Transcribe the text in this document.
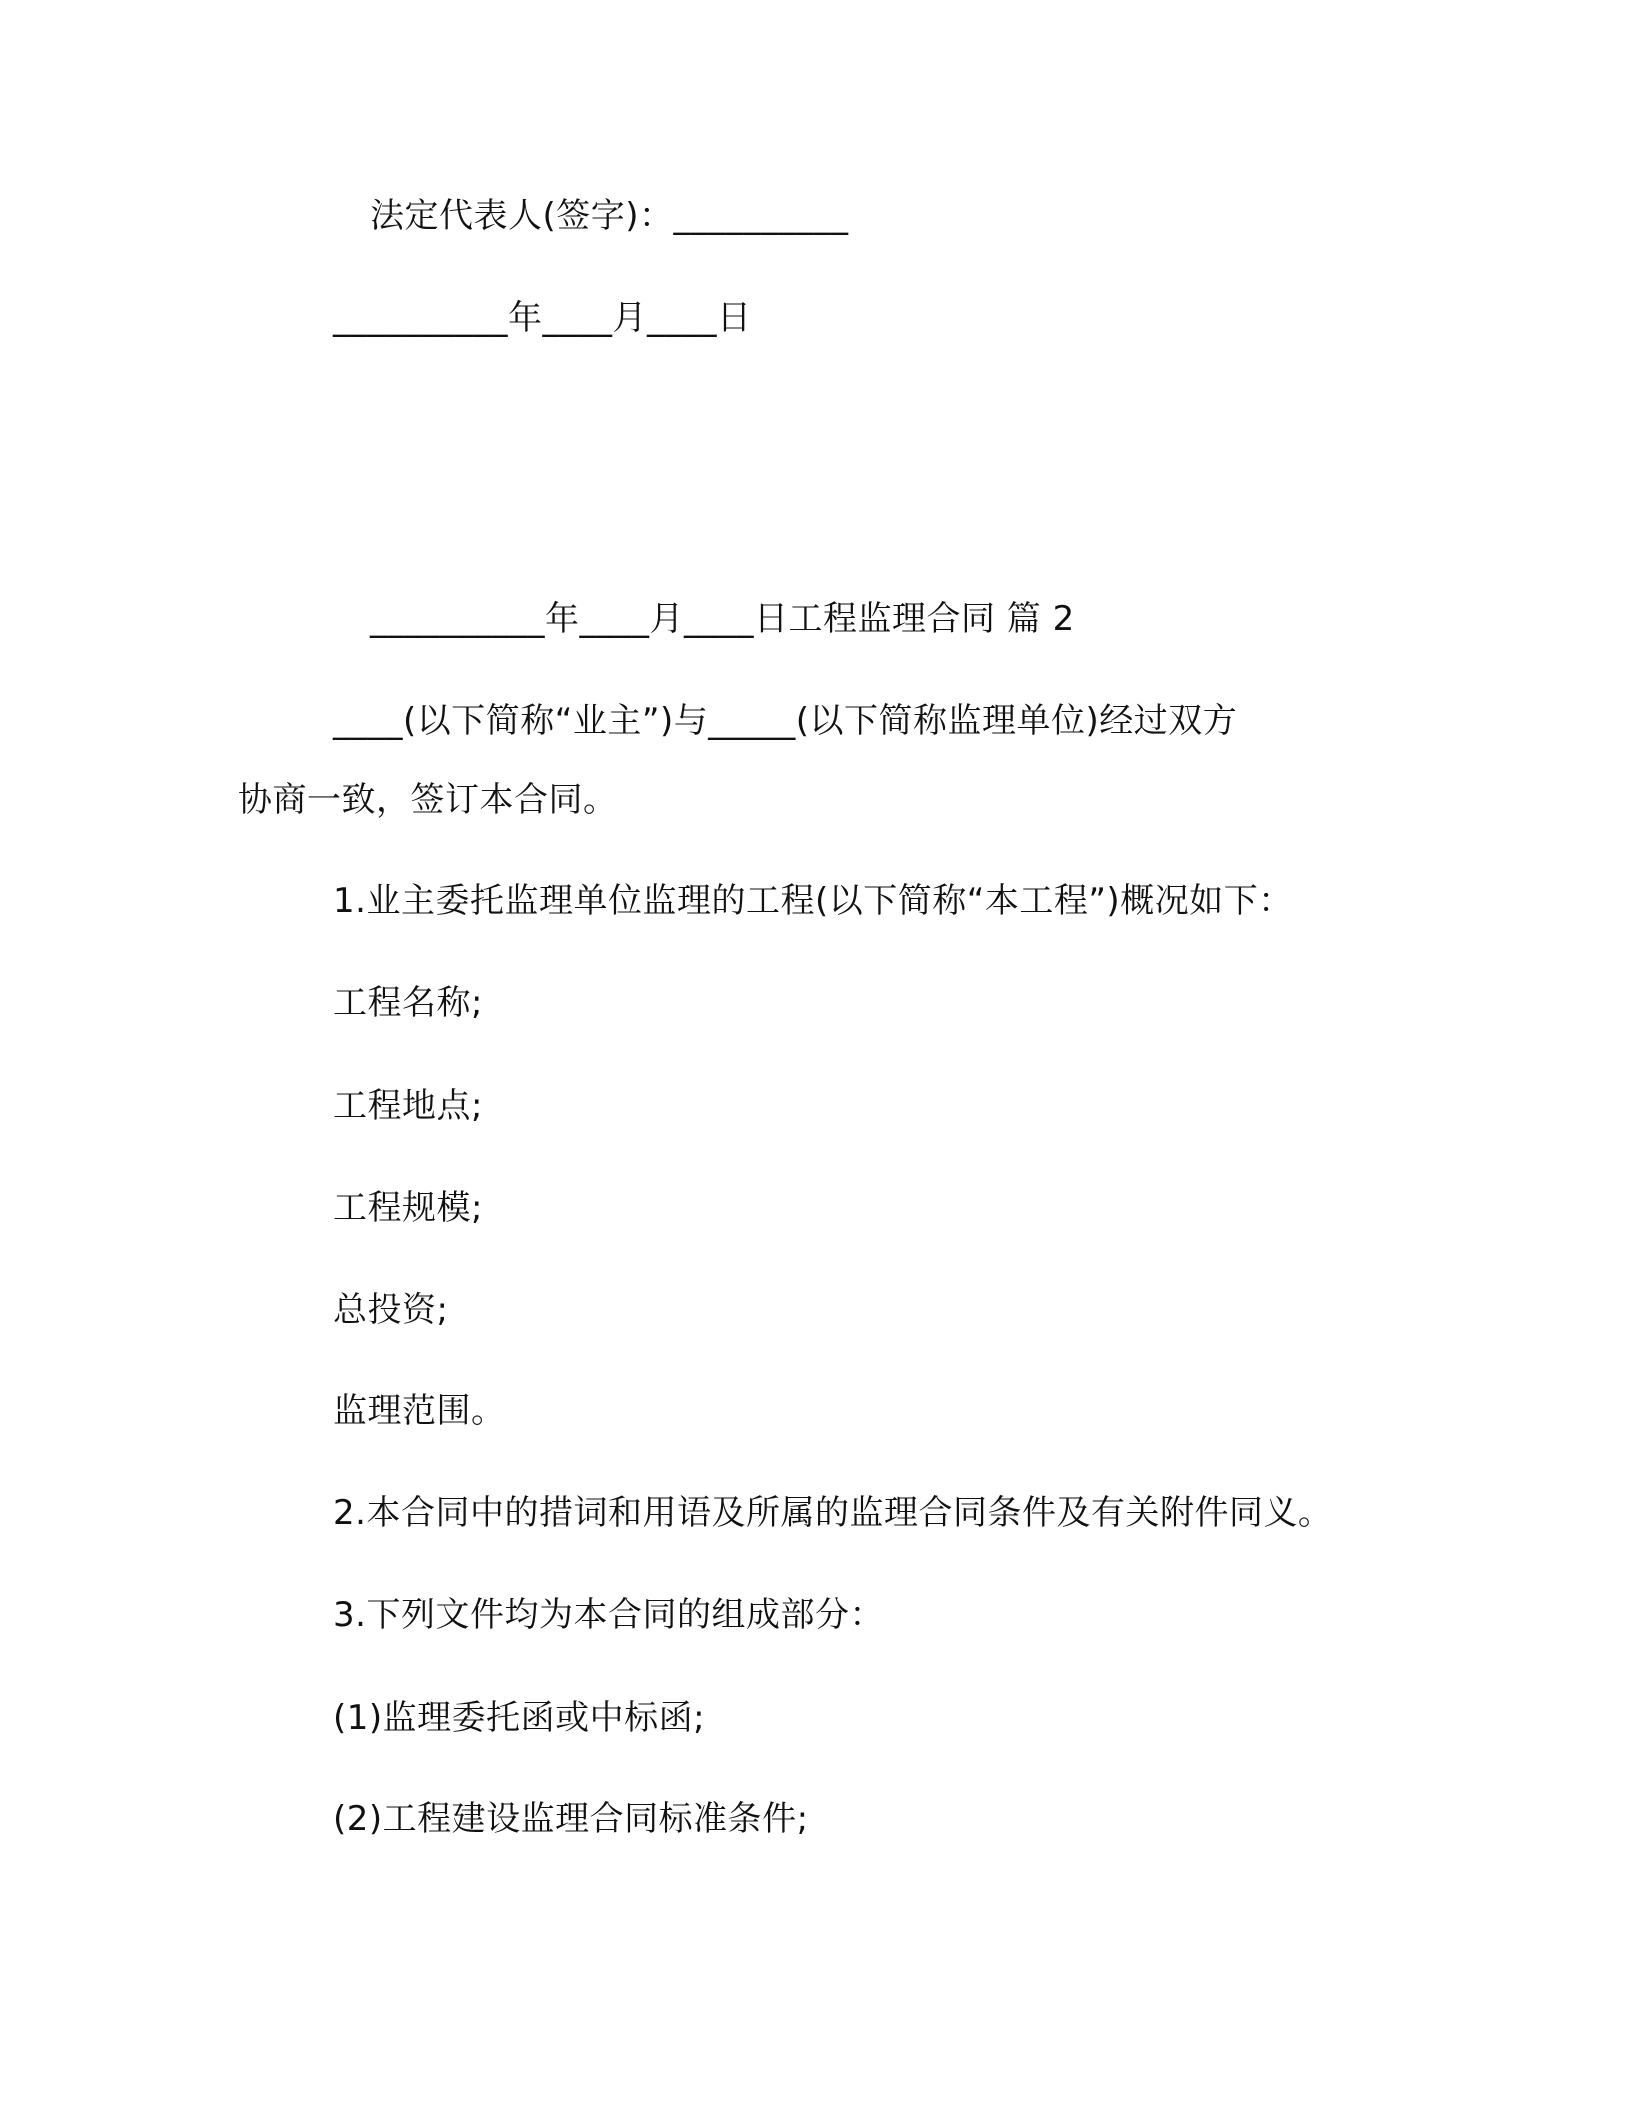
法定代表人(签字)：__________
__________年____月____日
__________年____月____日工程监理合同 篇 2
____(以下简称“业主”)与_____(以下简称监理单位)经过双方
协商一致，签订本合同。
1.业主委托监理单位监理的工程(以下简称“本工程”)概况如下：
工程名称;
工程地点;
工程规模;
总投资;
监理范围。
2.本合同中的措词和用语及所属的监理合同条件及有关附件同义。
3.下列文件均为本合同的组成部分：
(1)监理委托函或中标函;
(2)工程建设监理合同标准条件;
